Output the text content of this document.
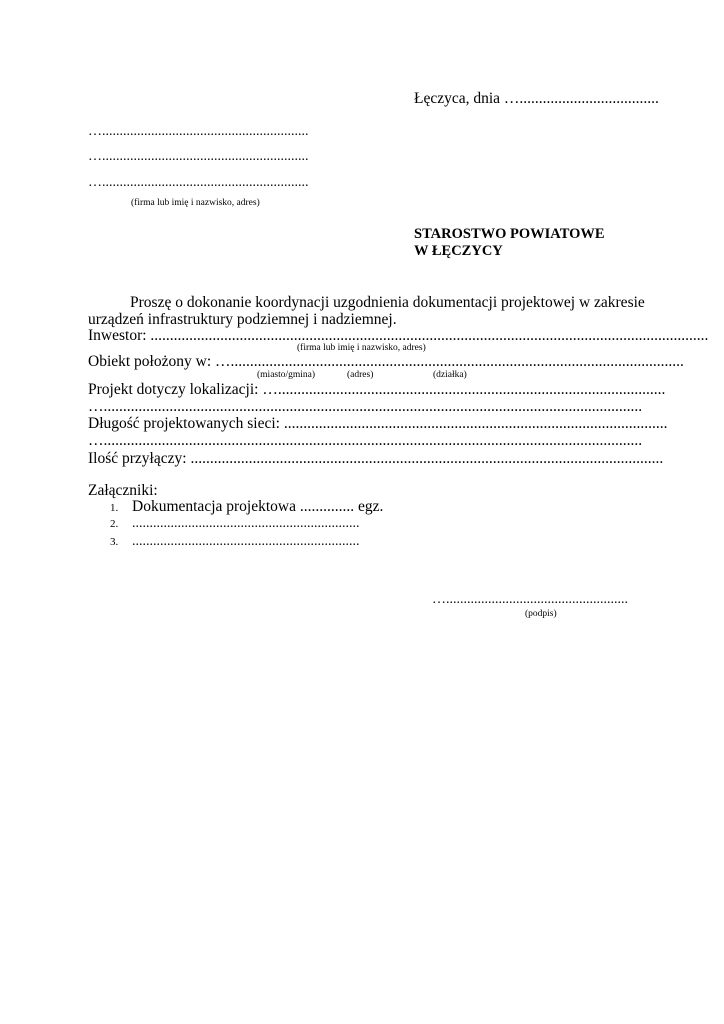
Łęczyca, dnia …....................................
…...........................................................
…...........................................................
…...........................................................
(firma lub imię i nazwisko, adres)
STAROSTWO POWIATOWE
W ŁĘCZYCY
Proszę o dokonanie koordynacji uzgodnienia dokumentacji projektowej w zakresie
urządzeń infrastruktury podziemnej i nadziemnej.
Inwestor: ................................................................................................................................................
(firma lub imię i nazwisko, adres)
Obiekt położony w: ….....................................................................................................................
(miasto/gmina)	(adres)	(działka)
Projekt dotyczy lokalizacji: …....................................................................................................
…...........................................................................................................................................
Długość projektowanych sieci: ...................................................................................................
…...........................................................................................................................................
Ilość przyłączy: ..........................................................................................................................
Załączniki:
1. Dokumentacja projektowa .............. egz.
2. .................................................................
3. .................................................................
…....................................................
(podpis)
